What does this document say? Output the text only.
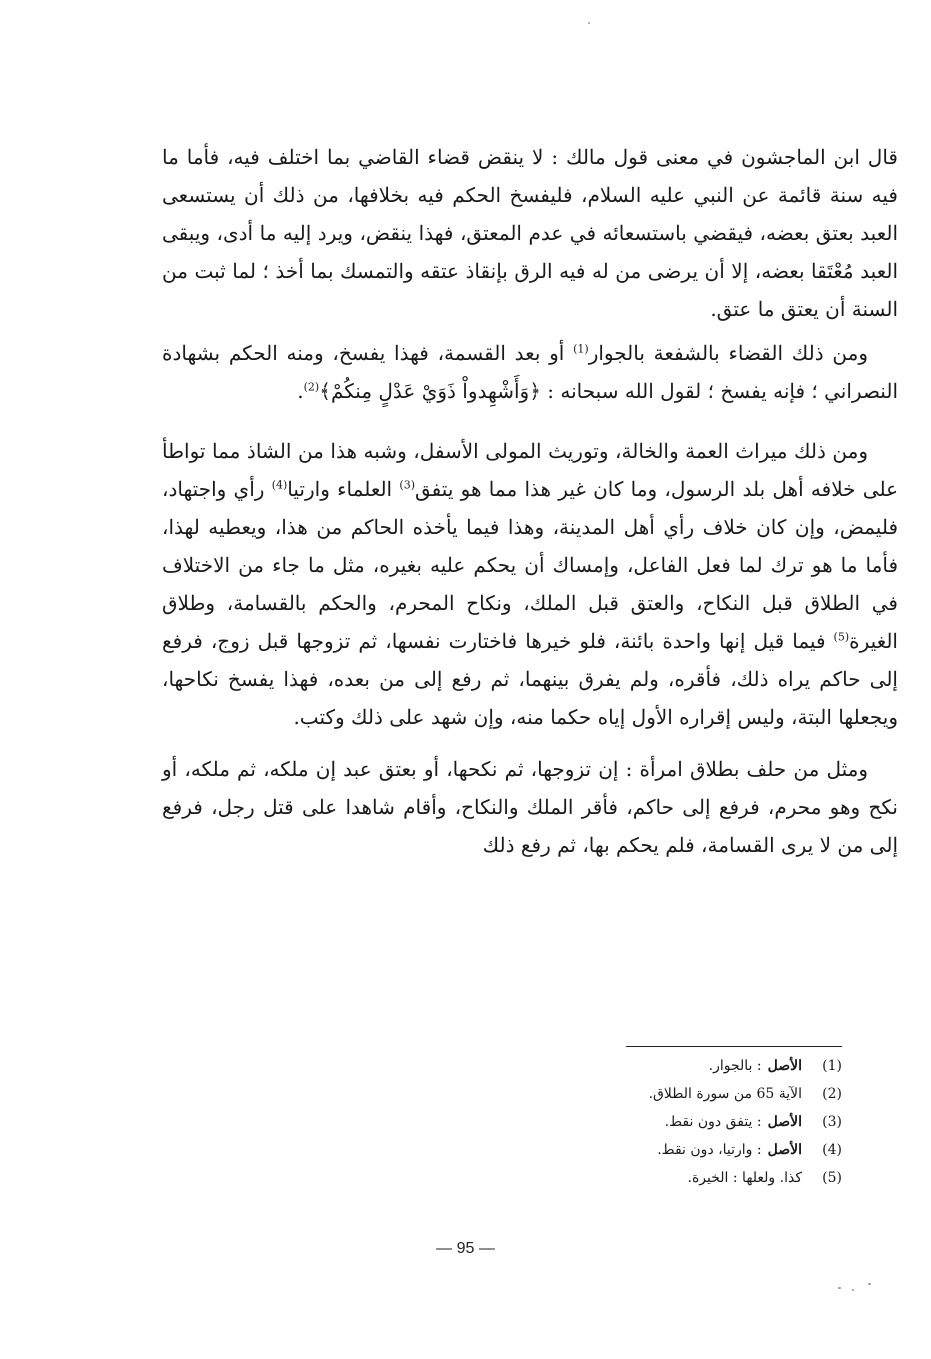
قال ابن الماجشون في معنى قول مالك : لا ينقض قضاء القاضي بما اختلف فيه، فأما ما فيه سنة قائمة عن النبي عليه السلام، فليفسخ الحكم فيه بخلافها، من ذلك أن يستسعى العبد بعتق بعضه، فيقضي باستسعائه في عدم المعتق، فهذا ينقض، ويرد إليه ما أدى، ويبقى العبد مُعْتَقا بعضه، إلا أن يرضى من له فيه الرق بإنقاذ عتقه والتمسك بما أخذ ؛ لما ثبت من السنة أن يعتق ما عتق.

ومن ذلك القضاء بالشفعة بالجوار$^{(1)}$ أو بعد القسمة، فهذا يفسخ، ومنه الحكم بشهادة النصراني ؛ فإنه يفسخ ؛ لقول الله سبحانه : ﴿وَأَشْهِدواْ ذَوَيْ عَدْلٍ مِنكُمْ﴾$^{(2)}$.

ومن ذلك ميراث العمة والخالة، وتوريث المولى الأسفل، وشبه هذا من الشاذ مما تواطأ على خلافه أهل بلد الرسول، وما كان غير هذا مما هو يتفق$^{(3)}$ العلماء وارتيا$^{(4)}$ رأي واجتهاد، فليمض، وإن كان خلاف رأي أهل المدينة، وهذا فيما يأخذه الحاكم من هذا، ويعطيه لهذا، فأما ما هو ترك لما فعل الفاعل، وإمساك أن يحكم عليه بغيره، مثل ما جاء من الاختلاف في الطلاق قبل النكاح، والعتق قبل الملك، ونكاح المحرم، والحكم بالقسامة، وطلاق الغيرة$^{(5)}$ فيما قيل إنها واحدة بائنة، فلو خيرها فاختارت نفسها، ثم تزوجها قبل زوج، فرفع إلى حاكم يراه ذلك، فأقره، ولم يفرق بينهما، ثم رفع إلى من بعده، فهذا يفسخ نكاحها، ويجعلها البتة، وليس إقراره الأول إياه حكما منه، وإن شهد على ذلك وكتب.

ومثل من حلف بطلاق امرأة : إن تزوجها، ثم نكحها، أو بعتق عبد إن ملكه، ثم ملكه، أو نكح وهو محرم، فرفع إلى حاكم، فأقر الملك والنكاح، وأقام شاهدا على قتل رجل، فرفع إلى من لا يرى القسامة، فلم يحكم بها، ثم رفع ذلك

(1)
الأصل
: بالجوار.
(2)
الآية 65 من سورة الطلاق.
(3)
الأصل
: يتفق دون نقط.
(4)
الأصل
: وارتيا، دون نقط.
(5)
كذا. ولعلها : الخيرة.
— 95 —
